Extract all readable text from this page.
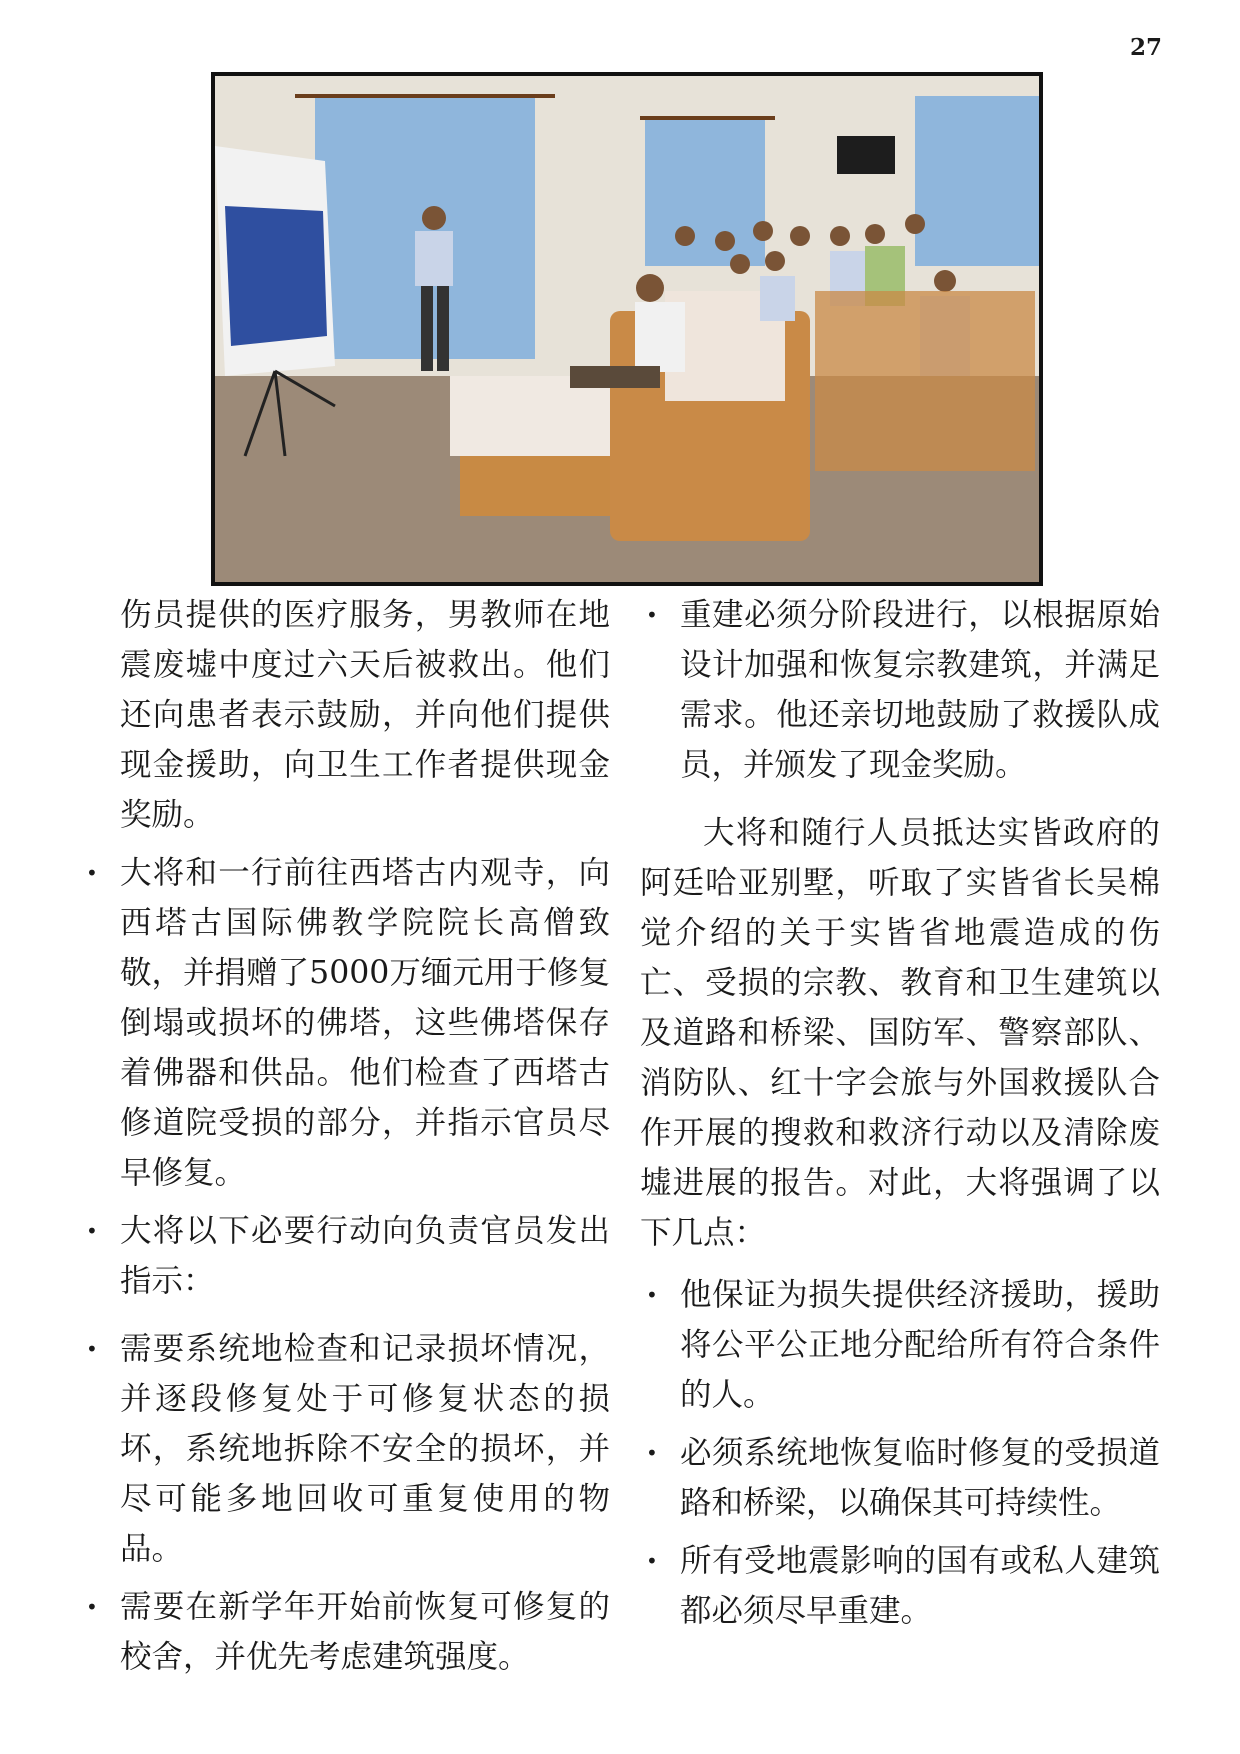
27

伤员提供的医疗服务，男教师在地震废墟中度过六天后被救出。他们还向患者表示鼓励，并向他们提供现金援助，向卫生工作者提供现金奖励。

• 大将和一行前往西塔古内观寺，向西塔古国际佛教学院院长高僧致敬，并捐赠了5000万缅元用于修复倒塌或损坏的佛塔，这些佛塔保存着佛器和供品。他们检查了西塔古修道院受损的部分，并指示官员尽早修复。
• 大将以下必要行动向负责官员发出指示：
• 需要系统地检查和记录损坏情况，并逐段修复处于可修复状态的损坏，系统地拆除不安全的损坏，并尽可能多地回收可重复使用的物品。
• 需要在新学年开始前恢复可修复的校舍，并优先考虑建筑强度。
• 重建必须分阶段进行，以根据原始设计加强和恢复宗教建筑，并满足需求。他还亲切地鼓励了救援队成员，并颁发了现金奖励。

大将和随行人员抵达实皆政府的阿廷哈亚别墅，听取了实皆省长吴棉觉介绍的关于实皆省地震造成的伤亡、受损的宗教、教育和卫生建筑以及道路和桥梁、国防军、警察部队、消防队、红十字会旅与外国救援队合作开展的搜救和救济行动以及清除废墟进展的报告。对此，大将强调了以下几点：

• 他保证为损失提供经济援助，援助将公平公正地分配给所有符合条件的人。
• 必须系统地恢复临时修复的受损道路和桥梁，以确保其可持续性。
• 所有受地震影响的国有或私人建筑都必须尽早重建。
